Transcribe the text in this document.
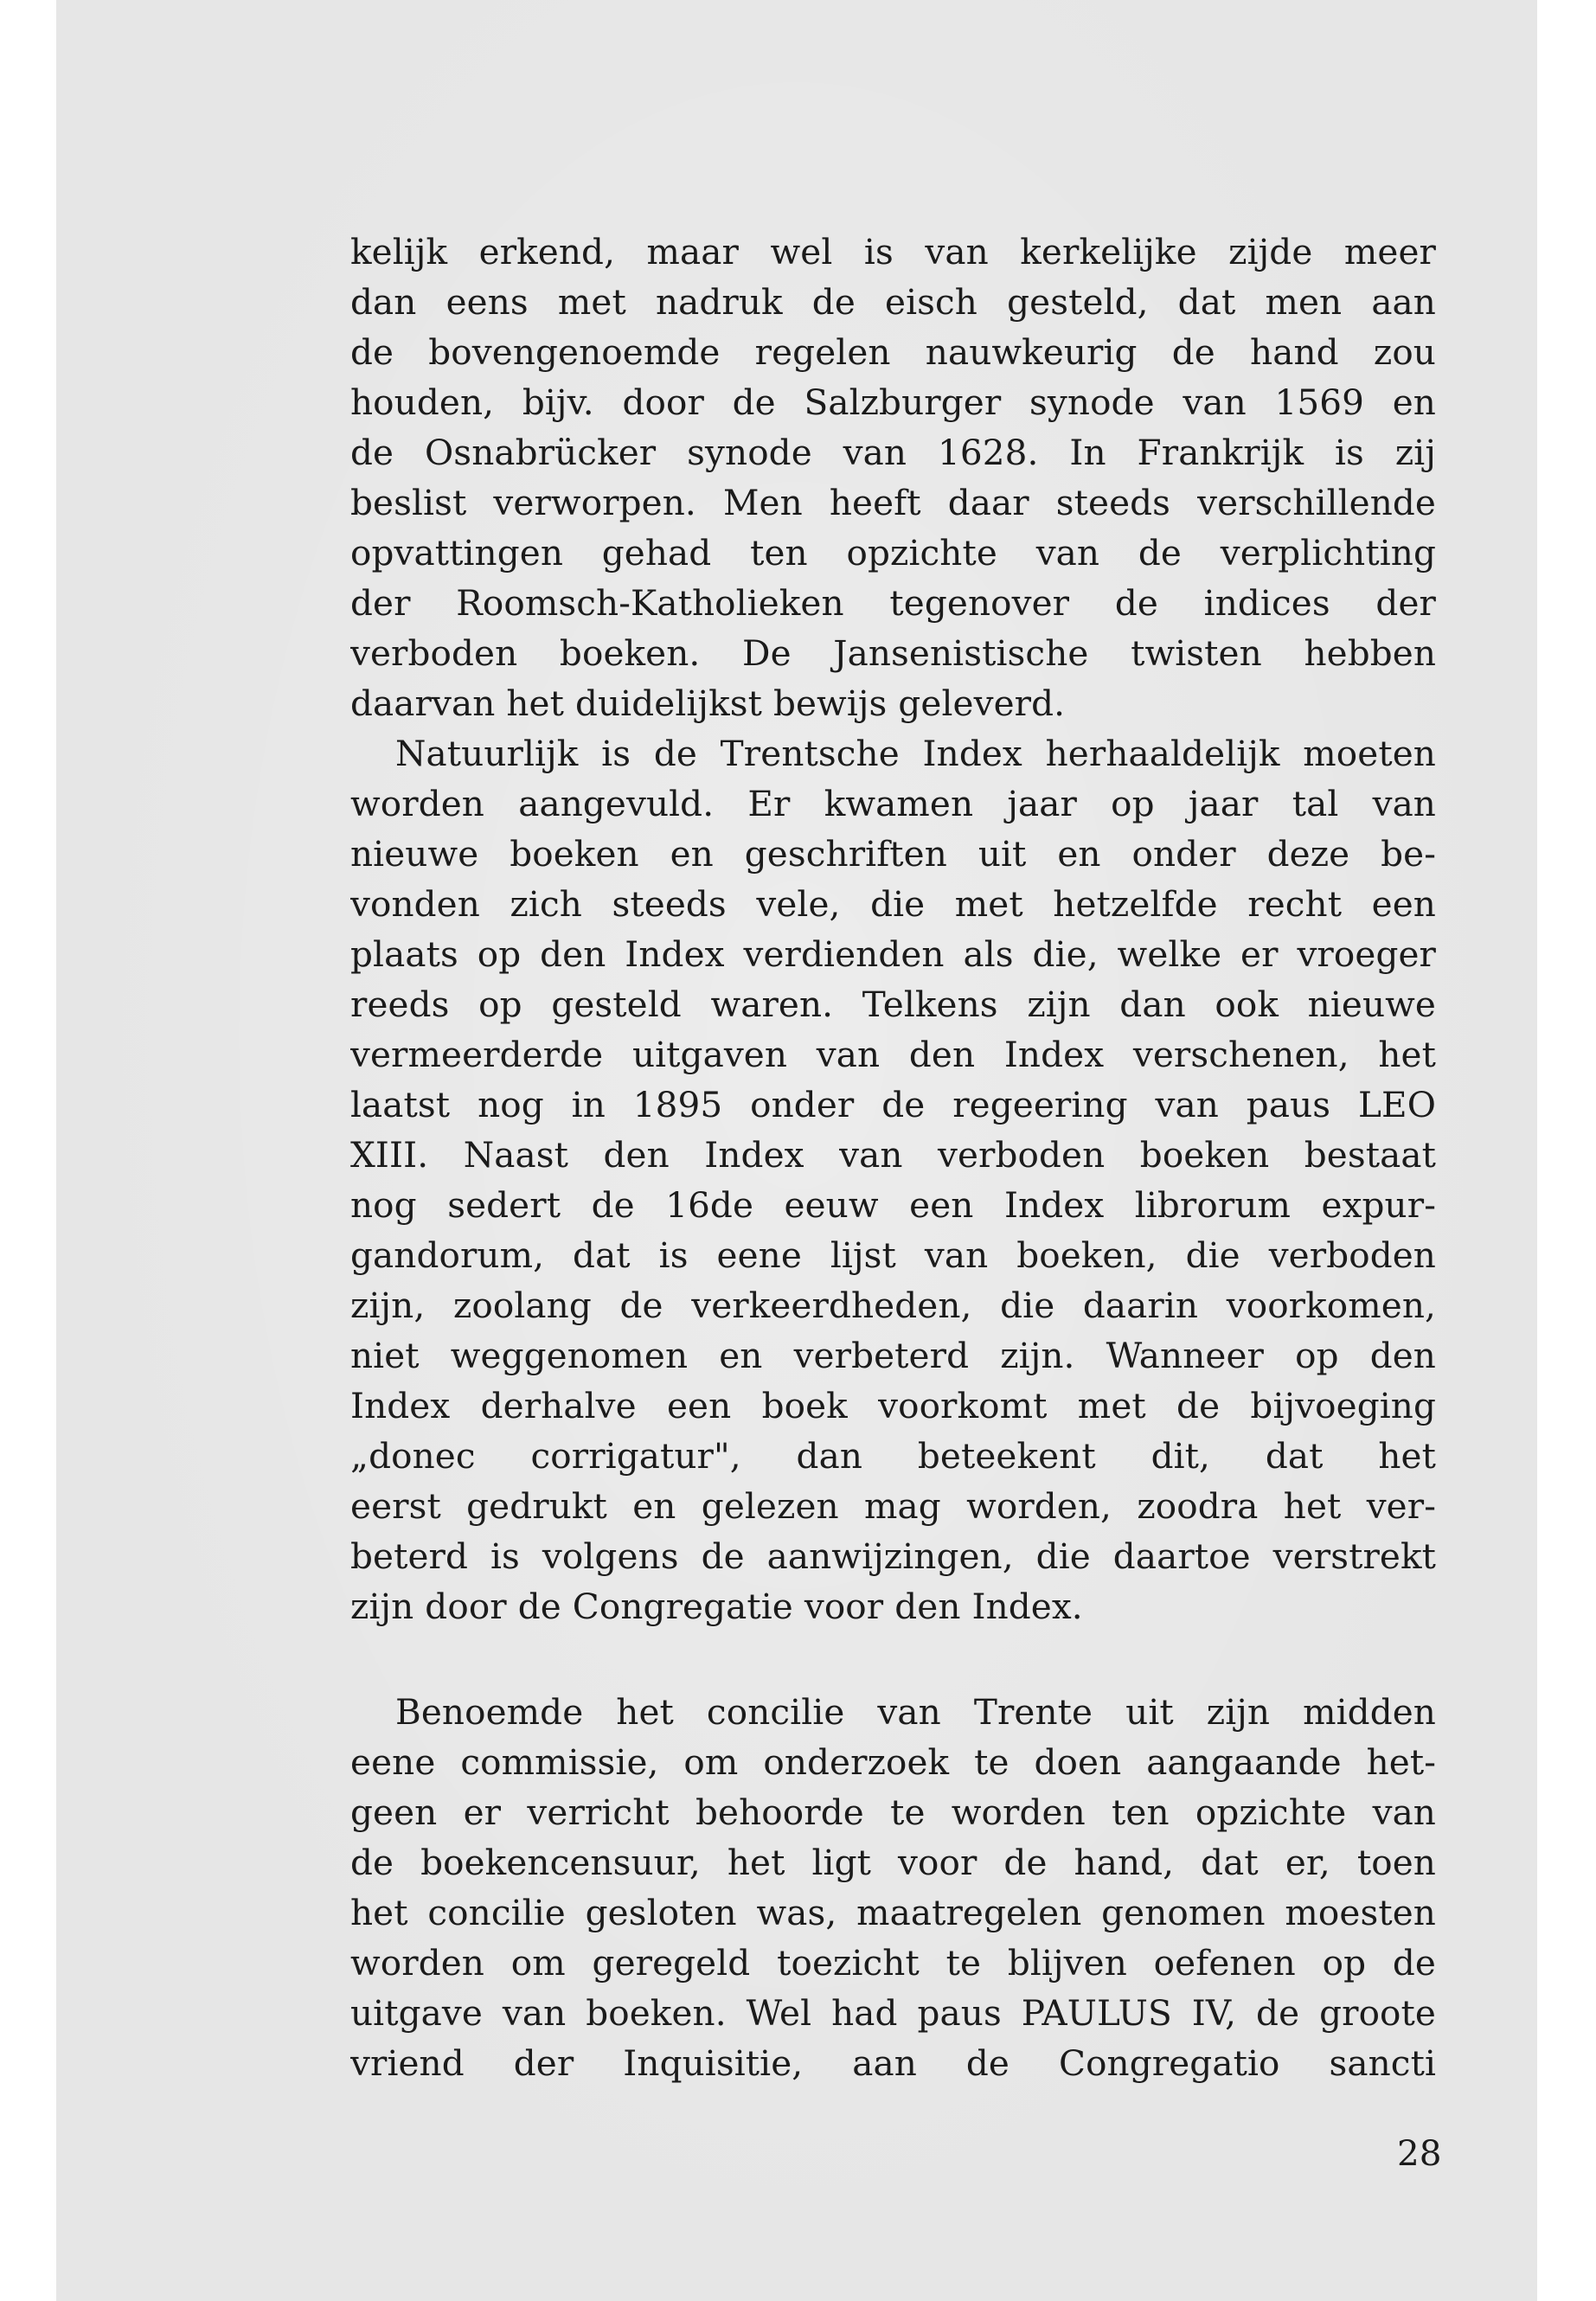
kelijk erkend, maar wel is van kerkelijke zijde meer
dan eens met nadruk de eisch gesteld, dat men aan
de bovengenoemde regelen nauwkeurig de hand zou
houden, bijv. door de Salzburger synode van 1569 en
de Osnabrücker synode van 1628. In Frankrijk is zij
beslist verworpen. Men heeft daar steeds verschillende
opvattingen gehad ten opzichte van de verplichting
der Roomsch-Katholieken tegenover de indices der
verboden boeken. De Jansenistische twisten hebben
daarvan het duidelijkst bewijs geleverd.
Natuurlijk is de Trentsche Index herhaaldelijk moeten
worden aangevuld. Er kwamen jaar op jaar tal van
nieuwe boeken en geschriften uit en onder deze be-
vonden zich steeds vele, die met hetzelfde recht een
plaats op den Index verdienden als die, welke er vroeger
reeds op gesteld waren. Telkens zijn dan ook nieuwe
vermeerderde uitgaven van den Index verschenen, het
laatst nog in 1895 onder de regeering van paus LEO
XIII. Naast den Index van verboden boeken bestaat
nog sedert de 16de eeuw een Index librorum expur-
gandorum, dat is eene lijst van boeken, die verboden
zijn, zoolang de verkeerdheden, die daarin voorkomen,
niet weggenomen en verbeterd zijn. Wanneer op den
Index derhalve een boek voorkomt met de bijvoeging
„donec corrigatur", dan beteekent dit, dat het
eerst gedrukt en gelezen mag worden, zoodra het ver-
beterd is volgens de aanwijzingen, die daartoe verstrekt
zijn door de Congregatie voor den Index.
Benoemde het concilie van Trente uit zijn midden
eene commissie, om onderzoek te doen aangaande het-
geen er verricht behoorde te worden ten opzichte van
de boekencensuur, het ligt voor de hand, dat er, toen
het concilie gesloten was, maatregelen genomen moesten
worden om geregeld toezicht te blijven oefenen op de
uitgave van boeken. Wel had paus PAULUS IV, de groote
vriend der Inquisitie, aan de Congregatio sancti
28
